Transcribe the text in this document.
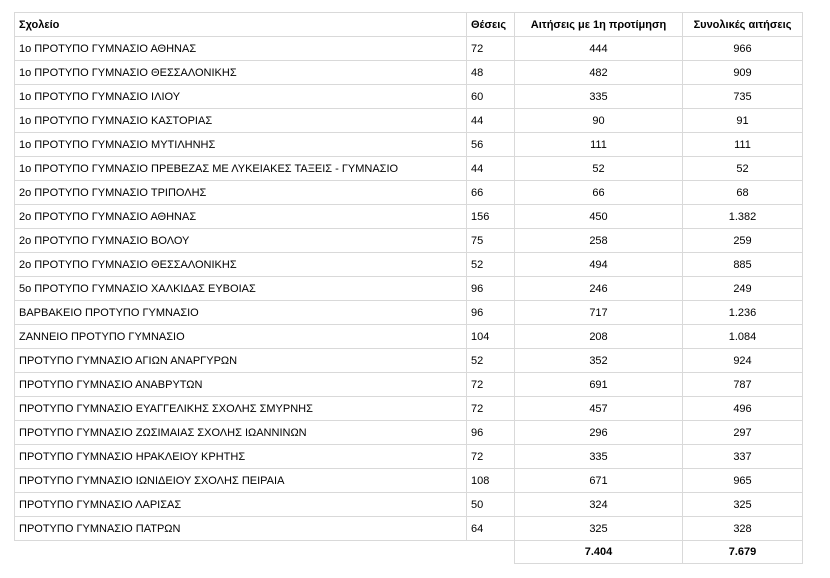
Σχολείο	Θέσεις	Αιτήσεις με 1η προτίμηση	Συνολικές αιτήσεις
1ο ΠΡΟΤΥΠΟ ΓΥΜΝΑΣΙΟ ΑΘΗΝΑΣ	72	444	966
1ο ΠΡΟΤΥΠΟ ΓΥΜΝΑΣΙΟ ΘΕΣΣΑΛΟΝΙΚΗΣ	48	482	909
1ο ΠΡΟΤΥΠΟ ΓΥΜΝΑΣΙΟ ΙΛΙΟΥ	60	335	735
1ο ΠΡΟΤΥΠΟ ΓΥΜΝΑΣΙΟ ΚΑΣΤΟΡΙΑΣ	44	90	91
1ο ΠΡΟΤΥΠΟ ΓΥΜΝΑΣΙΟ ΜΥΤΙΛΗΝΗΣ	56	111	111
1ο ΠΡΟΤΥΠΟ ΓΥΜΝΑΣΙΟ ΠΡΕΒΕΖΑΣ ΜΕ ΛΥΚΕΙΑΚΕΣ ΤΑΞΕΙΣ - ΓΥΜΝΑΣΙΟ	44	52	52
2ο ΠΡΟΤΥΠΟ ΓΥΜΝΑΣΙΟ ΤΡΙΠΟΛΗΣ	66	66	68
2ο ΠΡΟΤΥΠΟ ΓΥΜΝΑΣΙΟ ΑΘΗΝΑΣ	156	450	1.382
2ο ΠΡΟΤΥΠΟ ΓΥΜΝΑΣΙΟ ΒΟΛΟΥ	75	258	259
2ο ΠΡΟΤΥΠΟ ΓΥΜΝΑΣΙΟ ΘΕΣΣΑΛΟΝΙΚΗΣ	52	494	885
5ο ΠΡΟΤΥΠΟ ΓΥΜΝΑΣΙΟ ΧΑΛΚΙΔΑΣ ΕΥΒΟΙΑΣ	96	246	249
ΒΑΡΒΑΚΕΙΟ ΠΡΟΤΥΠΟ ΓΥΜΝΑΣΙΟ	96	717	1.236
ΖΑΝΝΕΙΟ ΠΡΟΤΥΠΟ ΓΥΜΝΑΣΙΟ	104	208	1.084
ΠΡΟΤΥΠΟ ΓΥΜΝΑΣΙΟ ΑΓΙΩΝ ΑΝΑΡΓΥΡΩΝ	52	352	924
ΠΡΟΤΥΠΟ ΓΥΜΝΑΣΙΟ ΑΝΑΒΡΥΤΩΝ	72	691	787
ΠΡΟΤΥΠΟ ΓΥΜΝΑΣΙΟ ΕΥΑΓΓΕΛΙΚΗΣ ΣΧΟΛΗΣ ΣΜΥΡΝΗΣ	72	457	496
ΠΡΟΤΥΠΟ ΓΥΜΝΑΣΙΟ ΖΩΣΙΜΑΙΑΣ ΣΧΟΛΗΣ ΙΩΑΝΝΙΝΩΝ	96	296	297
ΠΡΟΤΥΠΟ ΓΥΜΝΑΣΙΟ ΗΡΑΚΛΕΙΟΥ ΚΡΗΤΗΣ	72	335	337
ΠΡΟΤΥΠΟ ΓΥΜΝΑΣΙΟ ΙΩΝΙΔΕΙΟΥ ΣΧΟΛΗΣ ΠΕΙΡΑΙΑ	108	671	965
ΠΡΟΤΥΠΟ ΓΥΜΝΑΣΙΟ ΛΑΡΙΣΑΣ	50	324	325
ΠΡΟΤΥΠΟ ΓΥΜΝΑΣΙΟ ΠΑΤΡΩΝ	64	325	328
		7.404	7.679
